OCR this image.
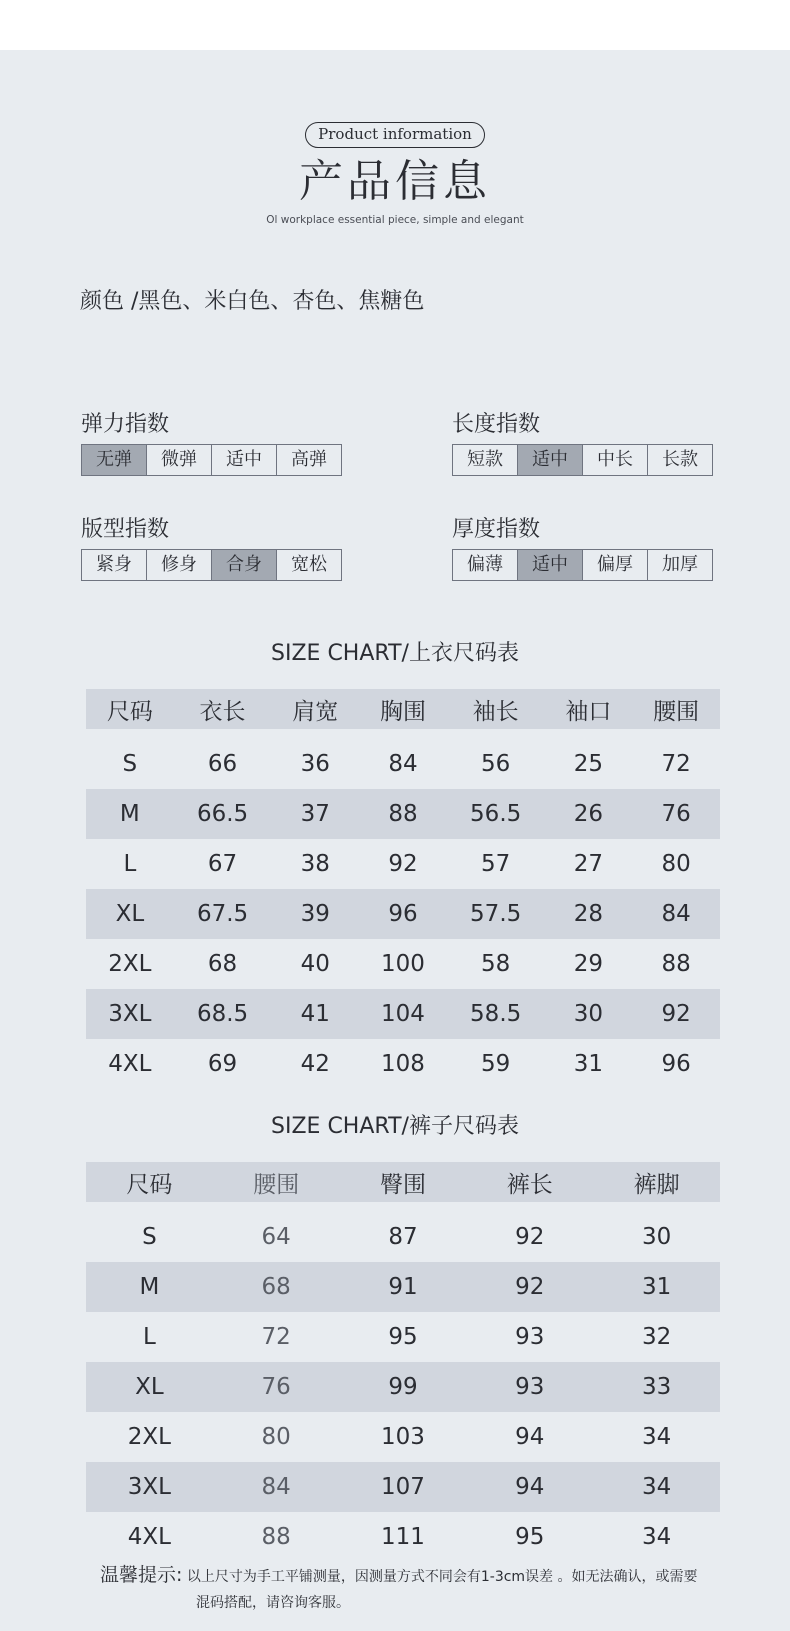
Product information
产品信息
Ol workplace essential piece, simple and elegant
颜色 /黑色、米白色、杏色、焦糖色
弹力指数
无弹	微弹	适中	高弹
长度指数
短款	适中	中长	长款
版型指数
紧身	修身	合身	宽松
厚度指数
偏薄	适中	偏厚	加厚
SIZE CHART/上衣尺码表
尺码	衣长	肩宽	胸围	袖长	袖口	腰围

S	66	36	84	56	25	72
M	66.5	37	88	56.5	26	76
L	67	38	92	57	27	80
XL	67.5	39	96	57.5	28	84
2XL	68	40	100	58	29	88
3XL	68.5	41	104	58.5	30	92
4XL	69	42	108	59	31	96
SIZE CHART/裤子尺码表
尺码	腰围	臀围	裤长	裤脚

S	64	87	92	30
M	68	91	92	31
L	72	95	93	32
XL	76	99	93	33
2XL	80	103	94	34
3XL	84	107	94	34
4XL	88	111	95	34
温馨提示: 以上尺寸为手工平铺测量，因测量方式不同会有1-3cm误差 。如无法确认，或需要
混码搭配，请咨询客服。
